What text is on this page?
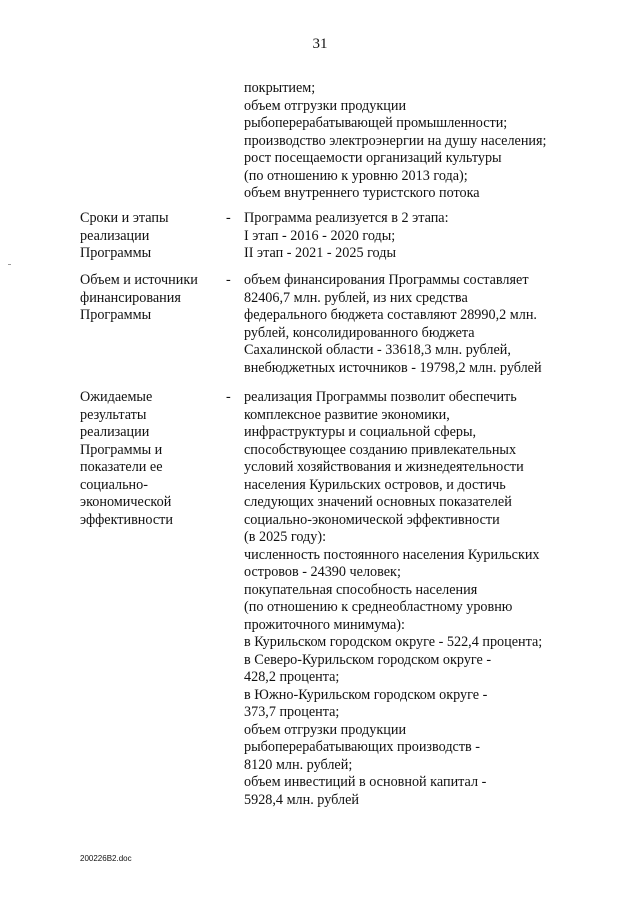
31
покрытием;
объем отгрузки продукции
рыбоперерабатывающей промышленности;
производство электроэнергии на душу населения;
рост посещаемости организаций культуры
(по отношению к уровню 2013 года);
объем внутреннего туристского потока
Сроки и этапы
реализации
Программы
- Программа реализуется в 2 этапа:
I этап - 2016 - 2020 годы;
II этап - 2021 - 2025 годы
Объем и источники
финансирования
Программы
- объем финансирования Программы составляет
82406,7 млн. рублей, из них средства
федерального бюджета составляют 28990,2 млн.
рублей, консолидированного бюджета
Сахалинской области - 33618,3 млн. рублей,
внебюджетных источников - 19798,2 млн. рублей
Ожидаемые
результаты
реализации
Программы и
показатели ее
социально-
экономической
эффективности
- реализация Программы позволит обеспечить
комплексное развитие экономики,
инфраструктуры и социальной сферы,
способствующее созданию привлекательных
условий хозяйствования и жизнедеятельности
населения Курильских островов, и достичь
следующих значений основных показателей
социально-экономической эффективности
(в 2025 году):
численность постоянного населения Курильских
островов - 24390 человек;
покупательная способность населения
(по отношению к среднеобластному уровню
прожиточного минимума):
в Курильском городском округе - 522,4 процента;
в Северо-Курильском городском округе -
428,2 процента;
в Южно-Курильском городском округе -
373,7 процента;
объем отгрузки продукции
рыбоперерабатывающих производств -
8120 млн. рублей;
объем инвестиций в основной капитал -
5928,4 млн. рублей
200226В2.doc
